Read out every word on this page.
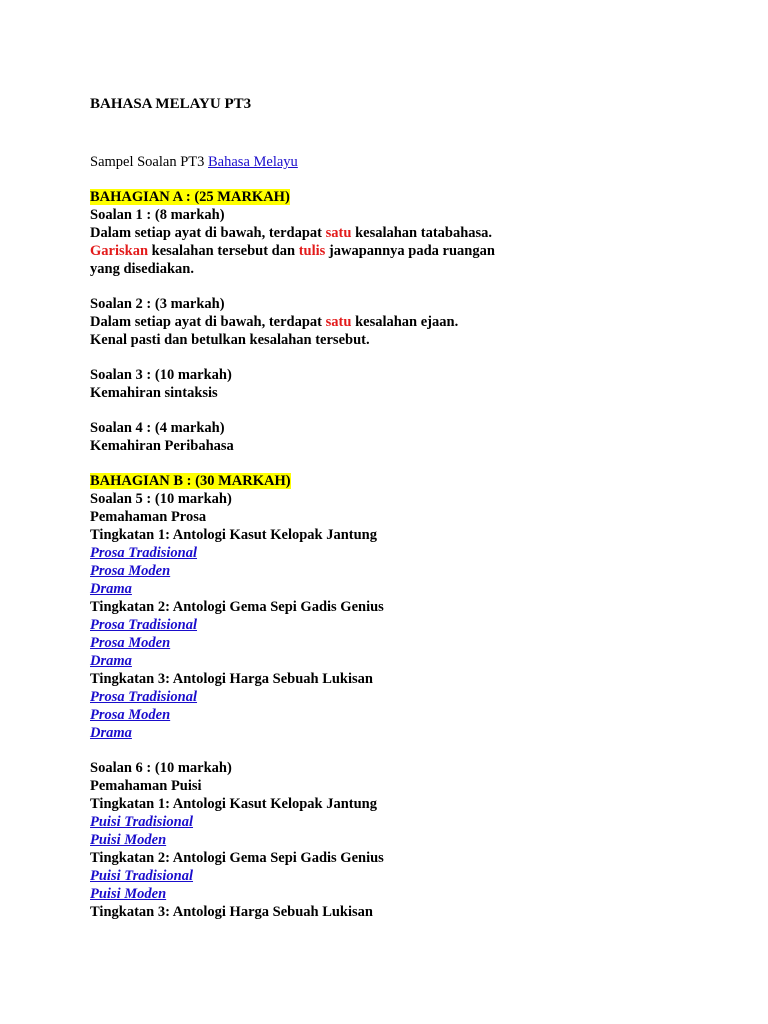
BAHASA MELAYU PT3
Sampel Soalan PT3 Bahasa Melayu
BAHAGIAN A : (25 MARKAH)
Soalan 1 : (8 markah)
Dalam setiap ayat di bawah, terdapat satu kesalahan tatabahasa.
Gariskan kesalahan tersebut dan tulis jawapannya pada ruangan
yang disediakan.
Soalan 2 : (3 markah)
Dalam setiap ayat di bawah, terdapat satu kesalahan ejaan.
Kenal pasti dan betulkan kesalahan tersebut.
Soalan 3 : (10 markah)
Kemahiran sintaksis
Soalan 4 : (4 markah)
Kemahiran Peribahasa
BAHAGIAN B : (30 MARKAH)
Soalan 5 : (10 markah)
Pemahaman Prosa
Tingkatan 1: Antologi Kasut Kelopak Jantung
Prosa Tradisional
Prosa Moden
Drama
Tingkatan 2: Antologi Gema Sepi Gadis Genius
Prosa Tradisional
Prosa Moden
Drama
Tingkatan 3: Antologi Harga Sebuah Lukisan
Prosa Tradisional
Prosa Moden
Drama
Soalan 6 : (10 markah)
Pemahaman Puisi
Tingkatan 1: Antologi Kasut Kelopak Jantung
Puisi Tradisional
Puisi Moden
Tingkatan 2: Antologi Gema Sepi Gadis Genius
Puisi Tradisional
Puisi Moden
Tingkatan 3: Antologi Harga Sebuah Lukisan
